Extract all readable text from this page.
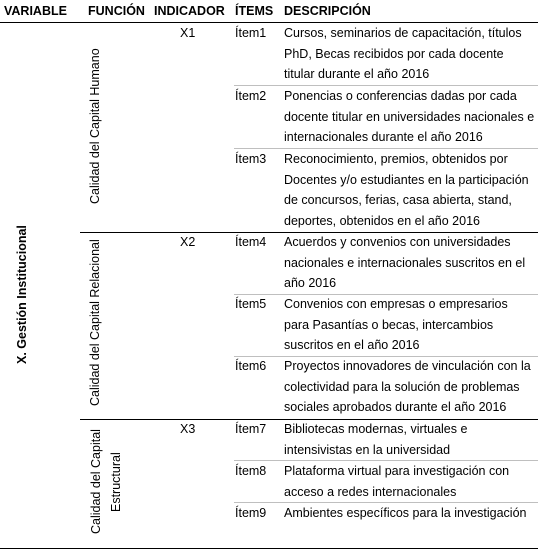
VARIABLE FUNCIÓN INDICADOR ÍTEMS DESCRIPCIÓN
X. Gestión Institucional
Calidad del Capital Humano
Calidad del Capital Relacional
Calidad del Capital Estructural
X1
X2
X3
Ítem1
Ítem2
Ítem3
Ítem4
Ítem5
Ítem6
Ítem7
Ítem8
Ítem9
Cursos, seminarios de capacitación, títulos PhD, Becas recibidos por cada docente titular durante el año 2016
Ponencias o conferencias dadas por cada docente titular en universidades nacionales e internacionales durante el año 2016
Reconocimiento, premios, obtenidos por Docentes y/o estudiantes en la participación de concursos, ferias, casa abierta, stand, deportes, obtenidos en el año 2016
Acuerdos y convenios con universidades nacionales e internacionales suscritos en el año 2016
Convenios con empresas o empresarios para Pasantías o becas, intercambios suscritos en el año 2016
Proyectos innovadores de vinculación con la colectividad para la solución de problemas sociales aprobados durante el año 2016
Bibliotecas modernas, virtuales e intensivistas en la universidad
Plataforma virtual para investigación con acceso a redes internacionales
Ambientes específicos para la investigación
